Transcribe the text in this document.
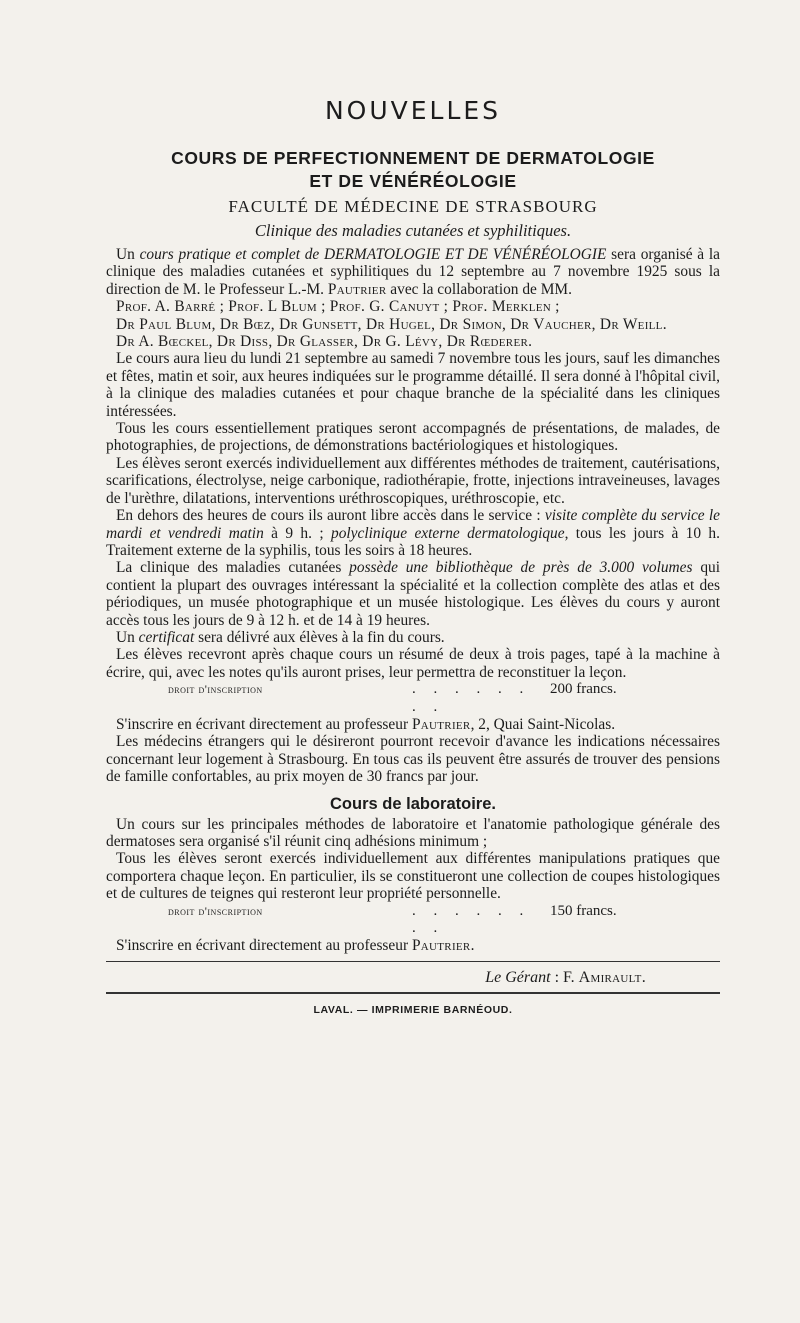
NOUVELLES
COURS DE PERFECTIONNEMENT DE DERMATOLOGIE
ET DE VÉNÉRÉOLOGIE
FACULTÉ DE MÉDECINE DE STRASBOURG
Clinique des maladies cutanées et syphilitiques.

Un cours pratique et complet de DERMATOLOGIE ET DE VÉNÉRÉOLOGIE sera organisé à la clinique des maladies cutanées et syphilitiques du 12 septembre au 7 novembre 1925 sous la direction de M. le Professeur L.-M. Pautrier avec la collaboration de MM.

Prof. A. Barré ; Prof. L Blum ; Prof. G. Canuyt ; Prof. Merklen ;

Dr Paul Blum, Dr Bœz, Dr Gunsett, Dr Hugel, Dr Simon, Dr Vaucher, Dr Weill.

Dr A. Bœckel, Dr Diss, Dr Glasser, Dr G. Lévy, Dr Rœderer.

Le cours aura lieu du lundi 21 septembre au samedi 7 novembre tous les jours, sauf les dimanches et fêtes, matin et soir, aux heures indiquées sur le programme détaillé. Il sera donné à l'hôpital civil, à la clinique des maladies cutanées et pour chaque branche de la spécialité dans les cliniques intéressées.

Tous les cours essentiellement pratiques seront accompagnés de présentations, de malades, de photographies, de projections, de démonstrations bactériologiques et histologiques.

Les élèves seront exercés individuellement aux différentes méthodes de traitement, cautérisations, scarifications, électrolyse, neige carbonique, radiothérapie, frotte, injections intraveineuses, lavages de l'urèthre, dilatations, interventions uréthroscopiques, uréthroscopie, etc.

En dehors des heures de cours ils auront libre accès dans le service : visite complète du service le mardi et vendredi matin à 9 h. ; polyclinique externe dermatologique, tous les jours à 10 h. Traitement externe de la syphilis, tous les soirs à 18 heures.

La clinique des maladies cutanées possède une bibliothèque de près de 3.000 volumes qui contient la plupart des ouvrages intéressant la spécialité et la collection complète des atlas et des périodiques, un musée photographique et un musée histologique. Les élèves du cours y auront accès tous les jours de 9 à 12 h. et de 14 à 19 heures.

Un certificat sera délivré aux élèves à la fin du cours.

Les élèves recevront après chaque cours un résumé de deux à trois pages, tapé à la machine à écrire, qui, avec les notes qu'ils auront prises, leur permettra de reconstituer la leçon.

droit d'inscription	. . . . . . . .
200 francs.

S'inscrire en écrivant directement au professeur Pautrier, 2, Quai Saint-Nicolas.

Les médecins étrangers qui le désireront pourront recevoir d'avance les indications nécessaires concernant leur logement à Strasbourg. En tous cas ils peuvent être assurés de trouver des pensions de famille confortables, au prix moyen de 30 francs par jour.

Cours de laboratoire.

Un cours sur les principales méthodes de laboratoire et l'anatomie pathologique générale des dermatoses sera organisé s'il réunit cinq adhésions minimum ;

Tous les élèves seront exercés individuellement aux différentes manipulations pratiques que comportera chaque leçon. En particulier, ils se constitueront une collection de coupes histologiques et de cultures de teignes qui resteront leur propriété personnelle.

droit d'inscription	. . . . . . . .
150 francs.

S'inscrire en écrivant directement au professeur Pautrier.

Le Gérant : F. Amirault.
LAVAL. — IMPRIMERIE BARNÉOUD.
